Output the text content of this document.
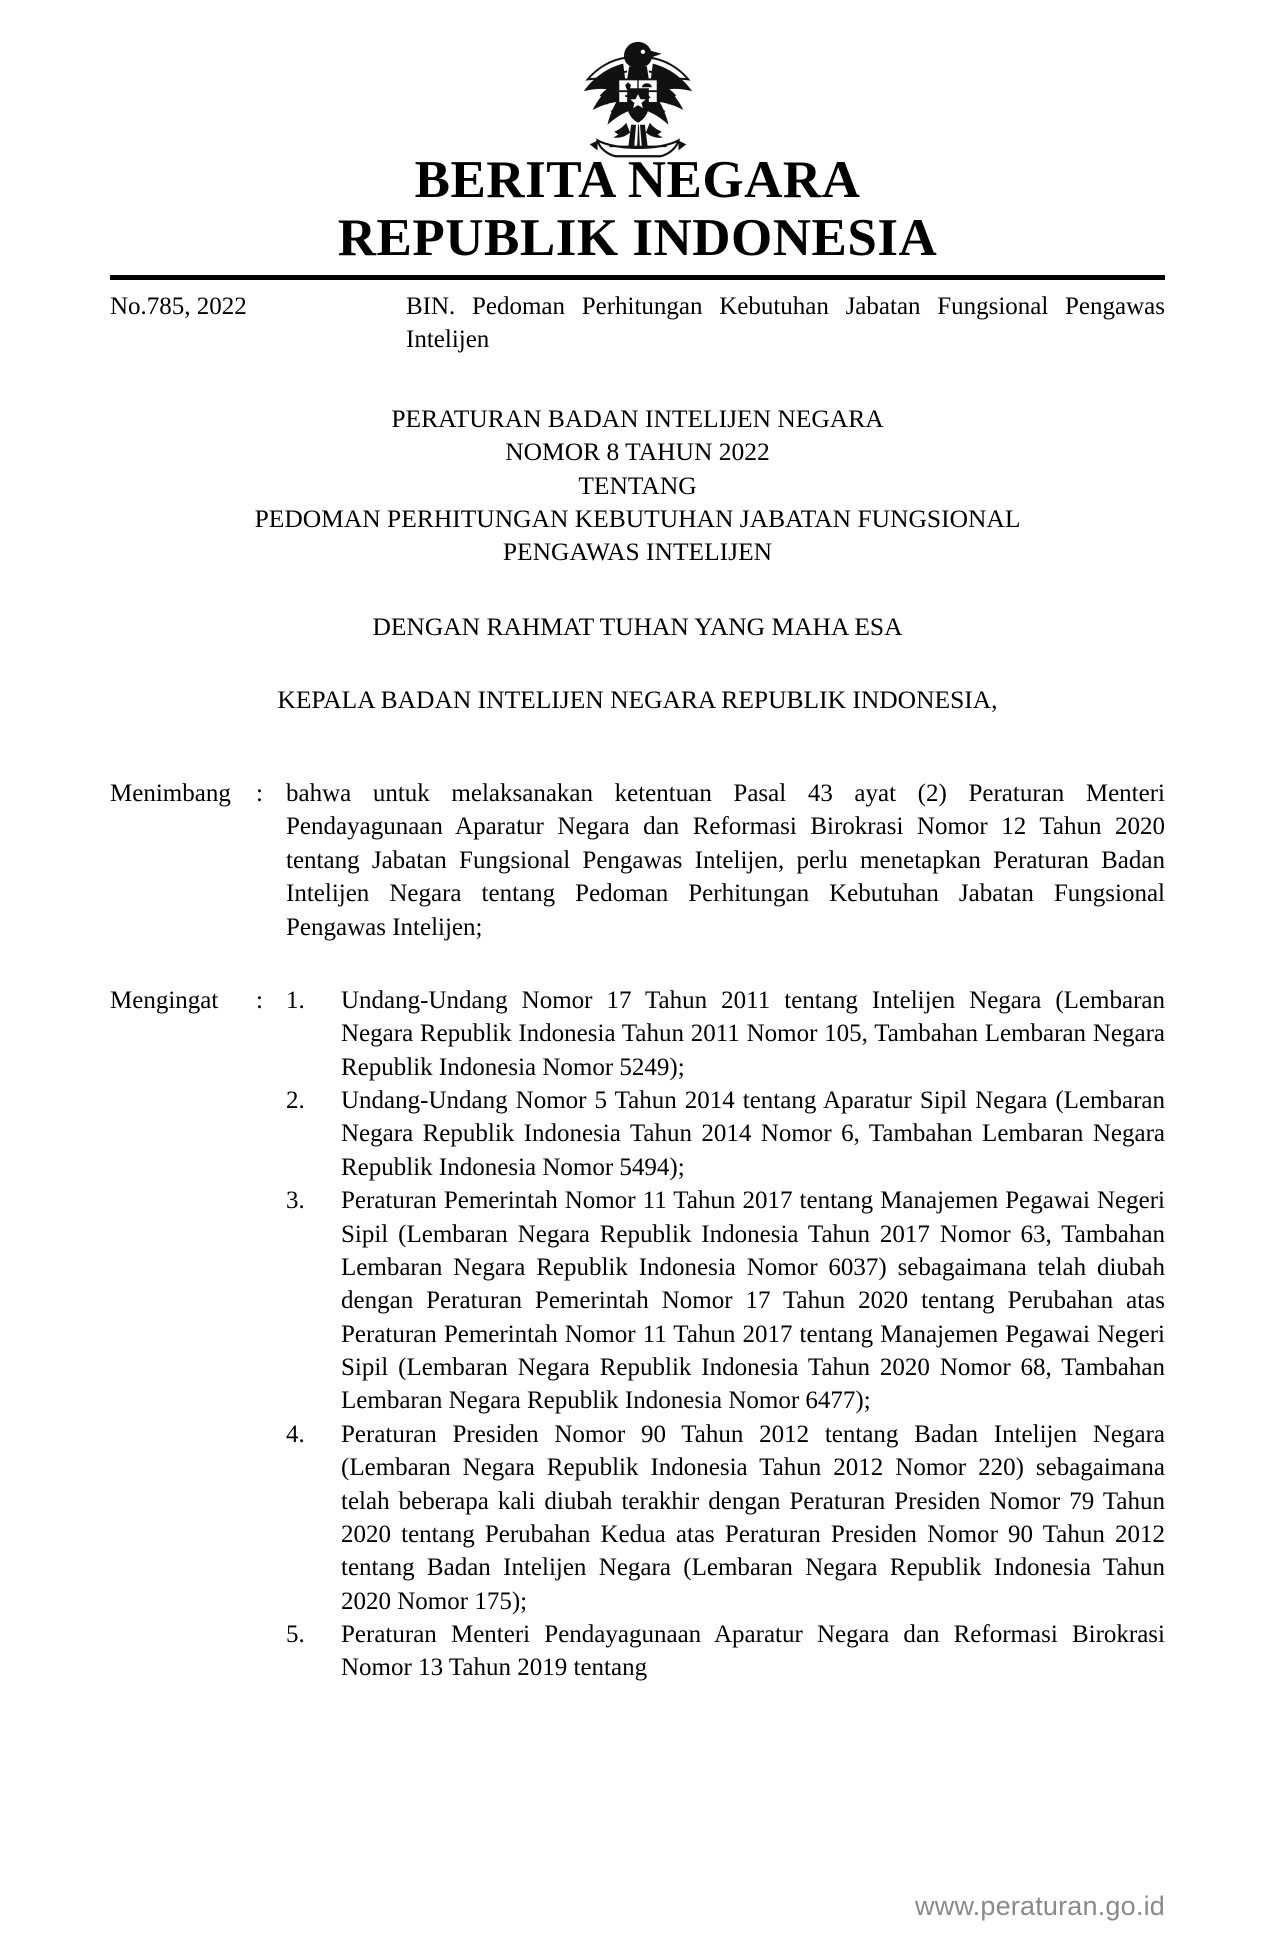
BERITA NEGARA
REPUBLIK INDONESIA
No.785, 2022	BIN. Pedoman Perhitungan Kebutuhan Jabatan Fungsional Pengawas Intelijen
PERATURAN BADAN INTELIJEN NEGARA
NOMOR 8 TAHUN 2022
TENTANG
PEDOMAN PERHITUNGAN KEBUTUHAN JABATAN FUNGSIONAL
PENGAWAS INTELIJEN
DENGAN RAHMAT TUHAN YANG MAHA ESA
KEPALA BADAN INTELIJEN NEGARA REPUBLIK INDONESIA,
Menimbang	: bahwa untuk melaksanakan ketentuan Pasal 43 ayat (2) Peraturan Menteri Pendayagunaan Aparatur Negara dan Reformasi Birokrasi Nomor 12 Tahun 2020 tentang Jabatan Fungsional Pengawas Intelijen, perlu menetapkan Peraturan Badan Intelijen Negara tentang Pedoman Perhitungan Kebutuhan Jabatan Fungsional Pengawas Intelijen;
Mengingat	: 1.	Undang-Undang Nomor 17 Tahun 2011 tentang Intelijen Negara (Lembaran Negara Republik Indonesia Tahun 2011 Nomor 105, Tambahan Lembaran Negara Republik Indonesia Nomor 5249);
2.	Undang-Undang Nomor 5 Tahun 2014 tentang Aparatur Sipil Negara (Lembaran Negara Republik Indonesia Tahun 2014 Nomor 6, Tambahan Lembaran Negara Republik Indonesia Nomor 5494);
3.	Peraturan Pemerintah Nomor 11 Tahun 2017 tentang Manajemen Pegawai Negeri Sipil (Lembaran Negara Republik Indonesia Tahun 2017 Nomor 63, Tambahan Lembaran Negara Republik Indonesia Nomor 6037) sebagaimana telah diubah dengan Peraturan Pemerintah Nomor 17 Tahun 2020 tentang Perubahan atas Peraturan Pemerintah Nomor 11 Tahun 2017 tentang Manajemen Pegawai Negeri Sipil (Lembaran Negara Republik Indonesia Tahun 2020 Nomor 68, Tambahan Lembaran Negara Republik Indonesia Nomor 6477);
4.	Peraturan Presiden Nomor 90 Tahun 2012 tentang Badan Intelijen Negara (Lembaran Negara Republik Indonesia Tahun 2012 Nomor 220) sebagaimana telah beberapa kali diubah terakhir dengan Peraturan Presiden Nomor 79 Tahun 2020 tentang Perubahan Kedua atas Peraturan Presiden Nomor 90 Tahun 2012 tentang Badan Intelijen Negara (Lembaran Negara Republik Indonesia Tahun 2020 Nomor 175);
5.	Peraturan Menteri Pendayagunaan Aparatur Negara dan Reformasi Birokrasi Nomor 13 Tahun 2019 tentang
www.peraturan.go.id
